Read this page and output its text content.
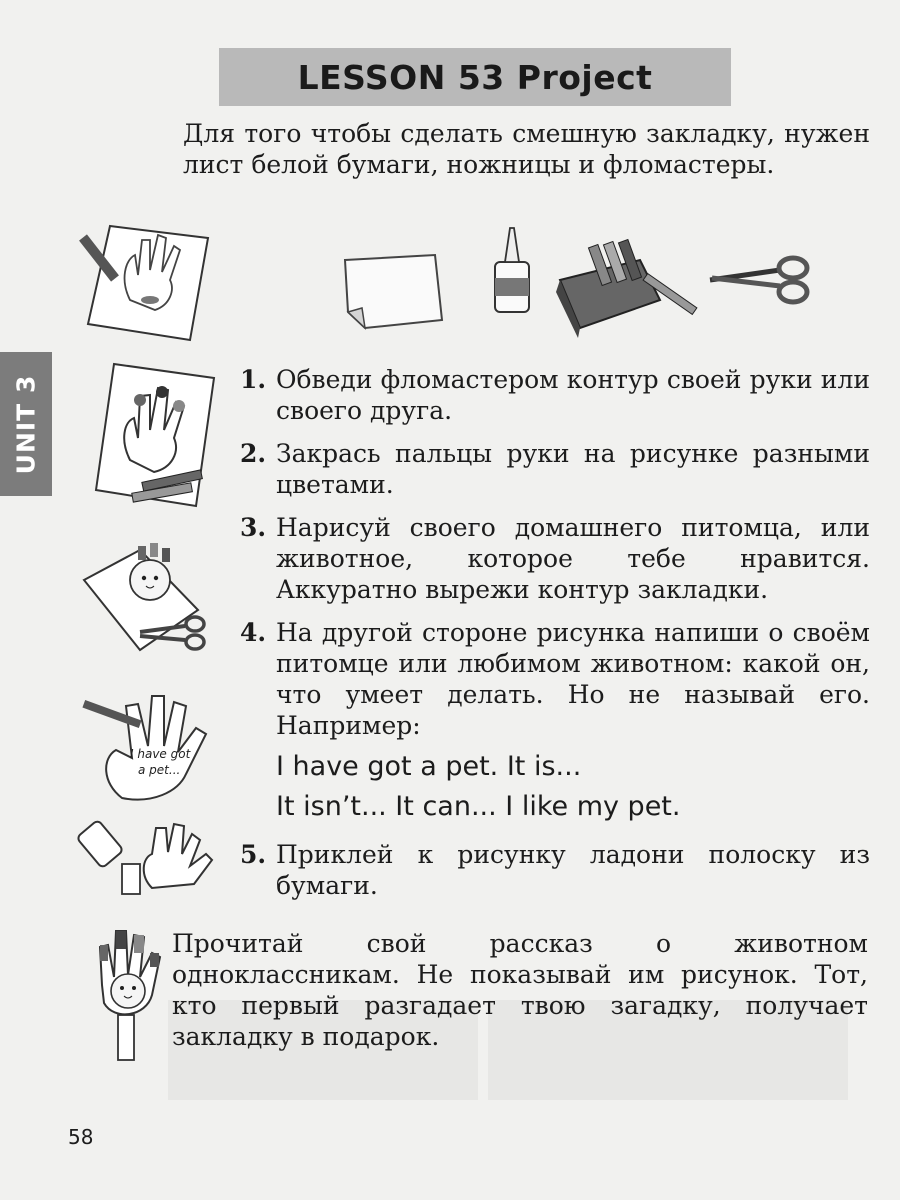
LESSON 53 Project
UNIT 3

Для того чтобы сделать смешную закладку, нужен лист белой бумаги, ножницы и фломастеры.

I have got
a pet...
1. Обведи фломастером контур своей руки или своего друга.
2. Закрась пальцы руки на рисунке разными цветами.
3. Нарисуй своего домашнего питомца, или животное, которое тебе нравится. Аккуратно вырежи контур закладки.
4. На другой стороне рисунка напиши о своём питомце или любимом животном: какой он, что умеет делать. Но не называй его. Например:
I have got a pet. It is...
It isn’t... It can... I like my pet.
5. Приклей к рисунку ладони полоску из бумаги.

Прочитай свой рассказ о животном одноклассникам. Не показывай им рисунок. Тот, кто первый разгадает твою загадку, получает закладку в подарок.

58
